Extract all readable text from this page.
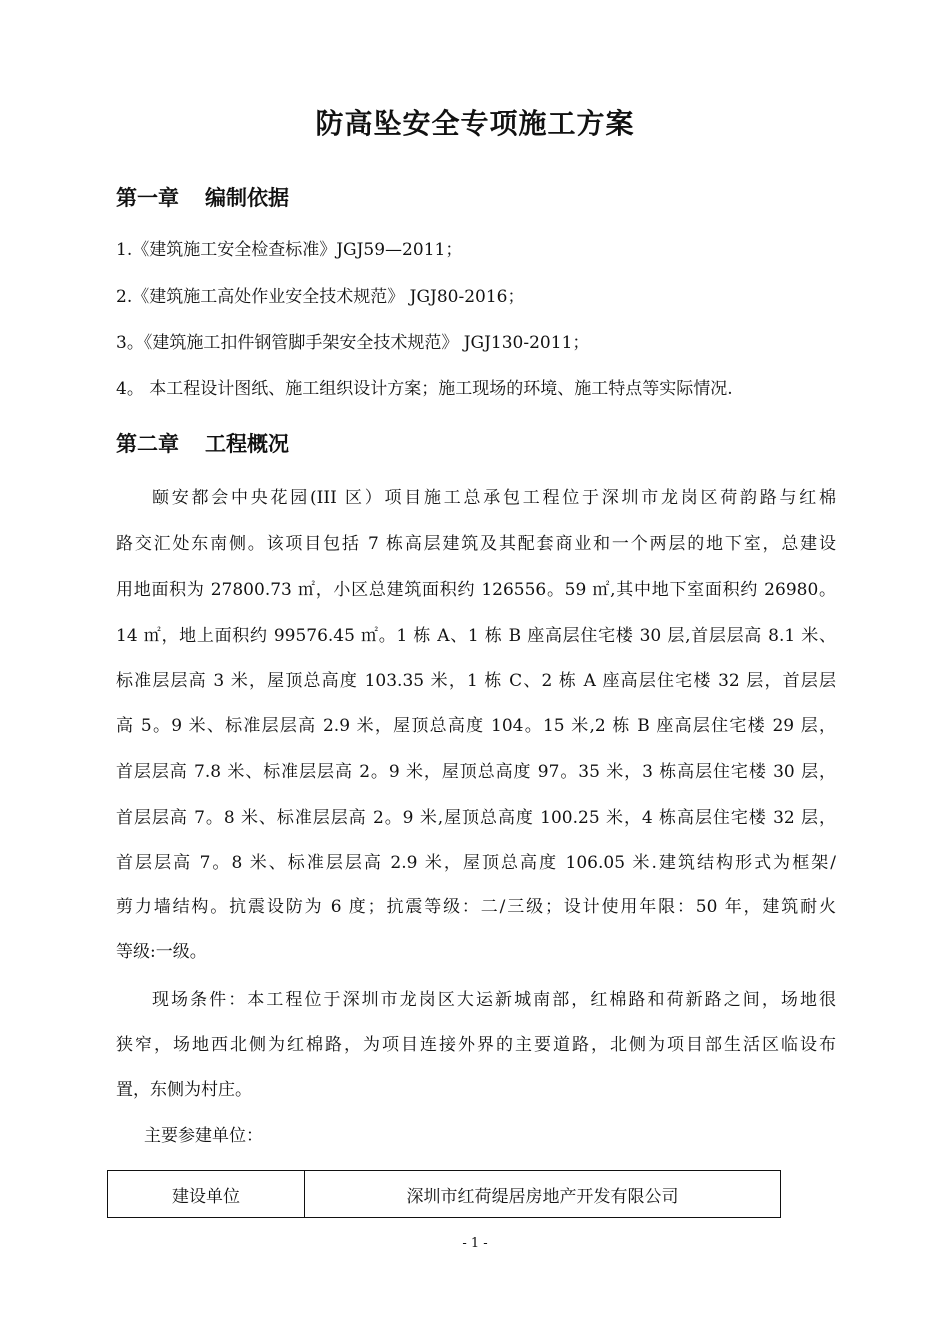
防高坠安全专项施工方案
第一章 编制依据
1.《建筑施工安全检查标准》JGJ59—2011；
2.《建筑施工高处作业安全技术规范》 JGJ80-2016；
3。《建筑施工扣件钢管脚手架安全技术规范》 JGJ130-2011；
4。 本工程设计图纸、施工组织设计方案；施工现场的环境、施工特点等实际情况.
第二章 工程概况
颐安都会中央花园(III 区）项目施工总承包工程位于深圳市龙岗区荷韵路与红棉
路交汇处东南侧。该项目包括 7 栋高层建筑及其配套商业和一个两层的地下室，总建设
用地面积为 27800.73 ㎡，小区总建筑面积约 126556。59 ㎡,其中地下室面积约 26980。
14 ㎡，地上面积约 99576.45 ㎡。1 栋 A、1 栋 B 座高层住宅楼 30 层,首层层高 8.1 米、
标准层层高 3 米，屋顶总高度 103.35 米，1 栋 C、2 栋 A 座高层住宅楼 32 层，首层层
高 5。9 米、标准层层高 2.9 米，屋顶总高度 104。15 米,2 栋 B 座高层住宅楼 29 层，
首层层高 7.8 米、标准层层高 2。9 米，屋顶总高度 97。35 米，3 栋高层住宅楼 30 层，
首层层高 7。8 米、标准层层高 2。9 米,屋顶总高度 100.25 米，4 栋高层住宅楼 32 层，
首层层高 7。8 米、标准层层高 2.9 米，屋顶总高度 106.05 米.建筑结构形式为框架/
剪力墙结构。抗震设防为 6 度；抗震等级：二/三级；设计使用年限：50 年，建筑耐火
等级:一级。
现场条件：本工程位于深圳市龙岗区大运新城南部，红棉路和荷新路之间，场地很
狭窄，场地西北侧为红棉路，为项目连接外界的主要道路，北侧为项目部生活区临设布
置，东侧为村庄。
主要参建单位：
建设单位	深圳市红荷缇居房地产开发有限公司
- 1 -
